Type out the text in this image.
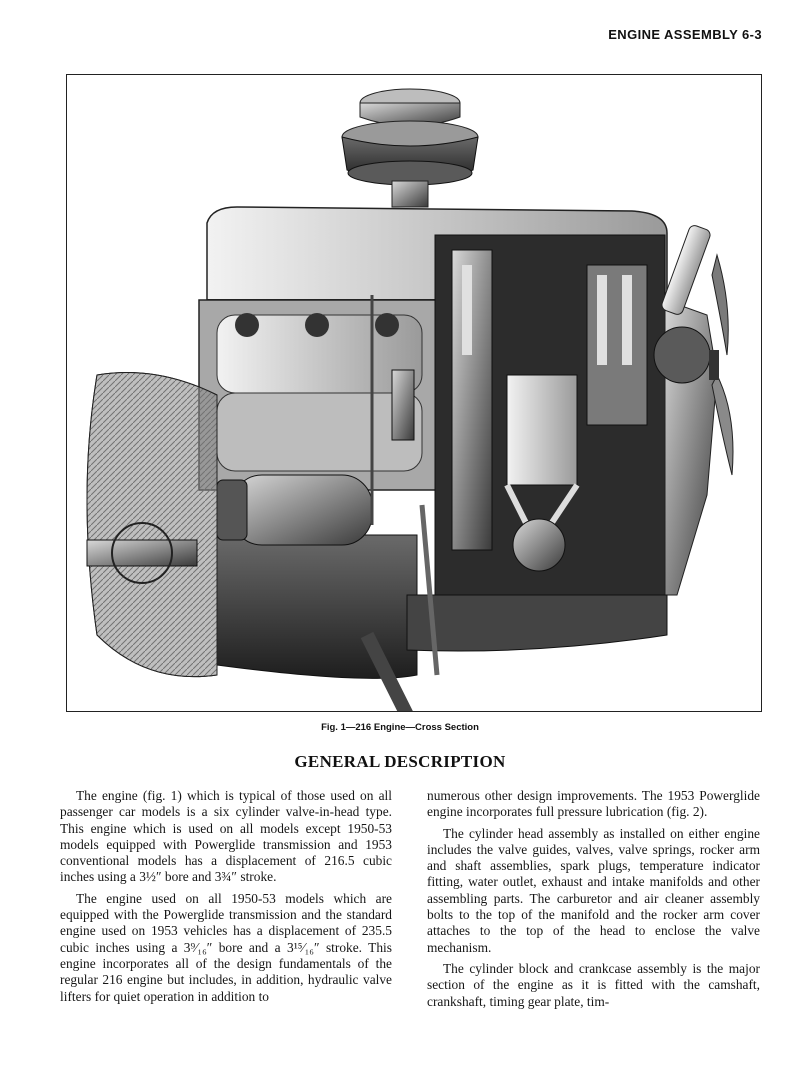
ENGINE ASSEMBLY 6-3
Fig. 1—216 Engine—Cross Section
GENERAL DESCRIPTION

The engine (fig. 1) which is typical of those used on all passenger car models is a six cylinder valve-in-head type. This engine which is used on all models except 1950-53 models equipped with Powerglide transmission and 1953 conventional models has a displacement of 216.5 cubic inches using a 3½″ bore and 3¾″ stroke.

The engine used on all 1950-53 models which are equipped with the Powerglide transmission and the standard engine used on 1953 vehicles has a displacement of 235.5 cubic inches using a 3⁹⁄₁₆″ bore and a 3¹⁵⁄₁₆″ stroke. This engine incorporates all of the design fundamentals of the regular 216 engine but includes, in addition, hydraulic valve lifters for quiet operation in addition to

numerous other design improvements. The 1953 Powerglide engine incorporates full pressure lubrication (fig. 2).

The cylinder head assembly as installed on either engine includes the valve guides, valves, valve springs, rocker arm and shaft assemblies, spark plugs, temperature indicator fitting, water outlet, exhaust and intake manifolds and other assembling parts. The carburetor and air cleaner assembly bolts to the top of the manifold and the rocker arm cover attaches to the top of the head to enclose the valve mechanism.

The cylinder block and crankcase assembly is the major section of the engine as it is fitted with the camshaft, crankshaft, timing gear plate, tim-
